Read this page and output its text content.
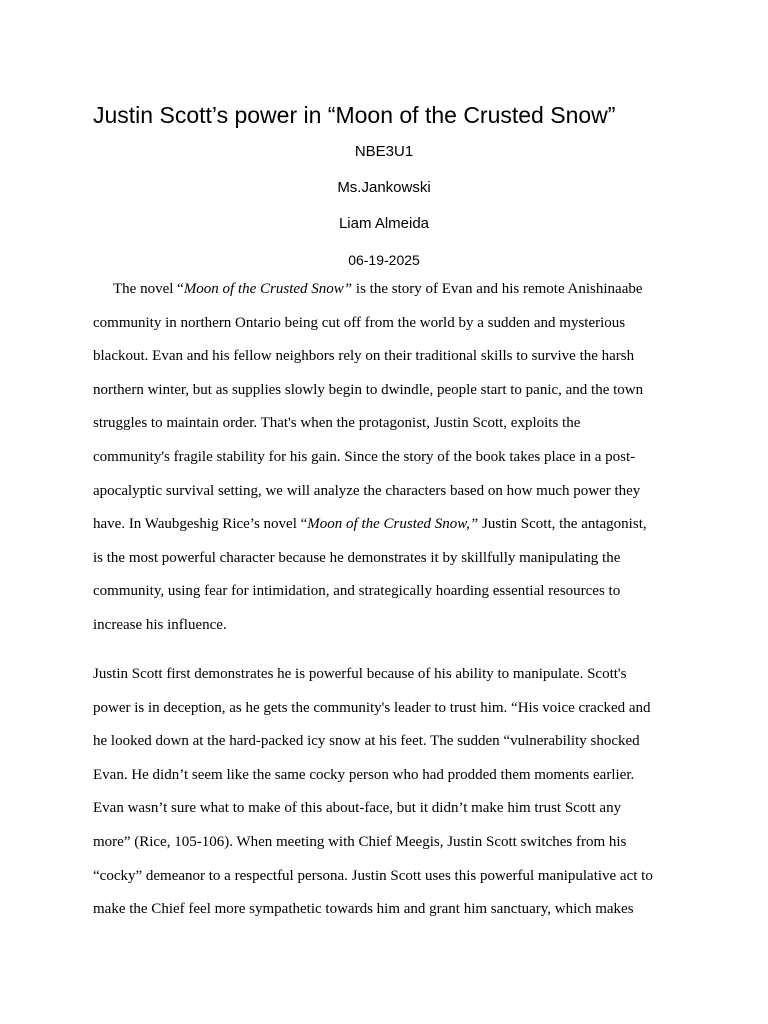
Justin Scott’s power in “Moon of the Crusted Snow”
NBE3U1
Ms.Jankowski
Liam Almeida
06-19-2025
The novel “Moon of the Crusted Snow” is the story of Evan and his remote Anishinaabe
community in northern Ontario being cut off from the world by a sudden and mysterious
blackout. Evan and his fellow neighbors rely on their traditional skills to survive the harsh
northern winter, but as supplies slowly begin to dwindle, people start to panic, and the town
struggles to maintain order. That's when the protagonist, Justin Scott, exploits the
community's fragile stability for his gain. Since the story of the book takes place in a post-
apocalyptic survival setting, we will analyze the characters based on how much power they
have. In Waubgeshig Rice’s novel “Moon of the Crusted Snow,” Justin Scott, the antagonist,
is the most powerful character because he demonstrates it by skillfully manipulating the
community, using fear for intimidation, and strategically hoarding essential resources to
increase his influence.
Justin Scott first demonstrates he is powerful because of his ability to manipulate. Scott's
power is in deception, as he gets the community's leader to trust him. “His voice cracked and
he looked down at the hard-packed icy snow at his feet. The sudden “vulnerability shocked
Evan. He didn’t seem like the same cocky person who had prodded them moments earlier.
Evan wasn’t sure what to make of this about-face, but it didn’t make him trust Scott any
more” (Rice, 105-106). When meeting with Chief Meegis, Justin Scott switches from his
“cocky” demeanor to a respectful persona. Justin Scott uses this powerful manipulative act to
make the Chief feel more sympathetic towards him and grant him sanctuary, which makes
